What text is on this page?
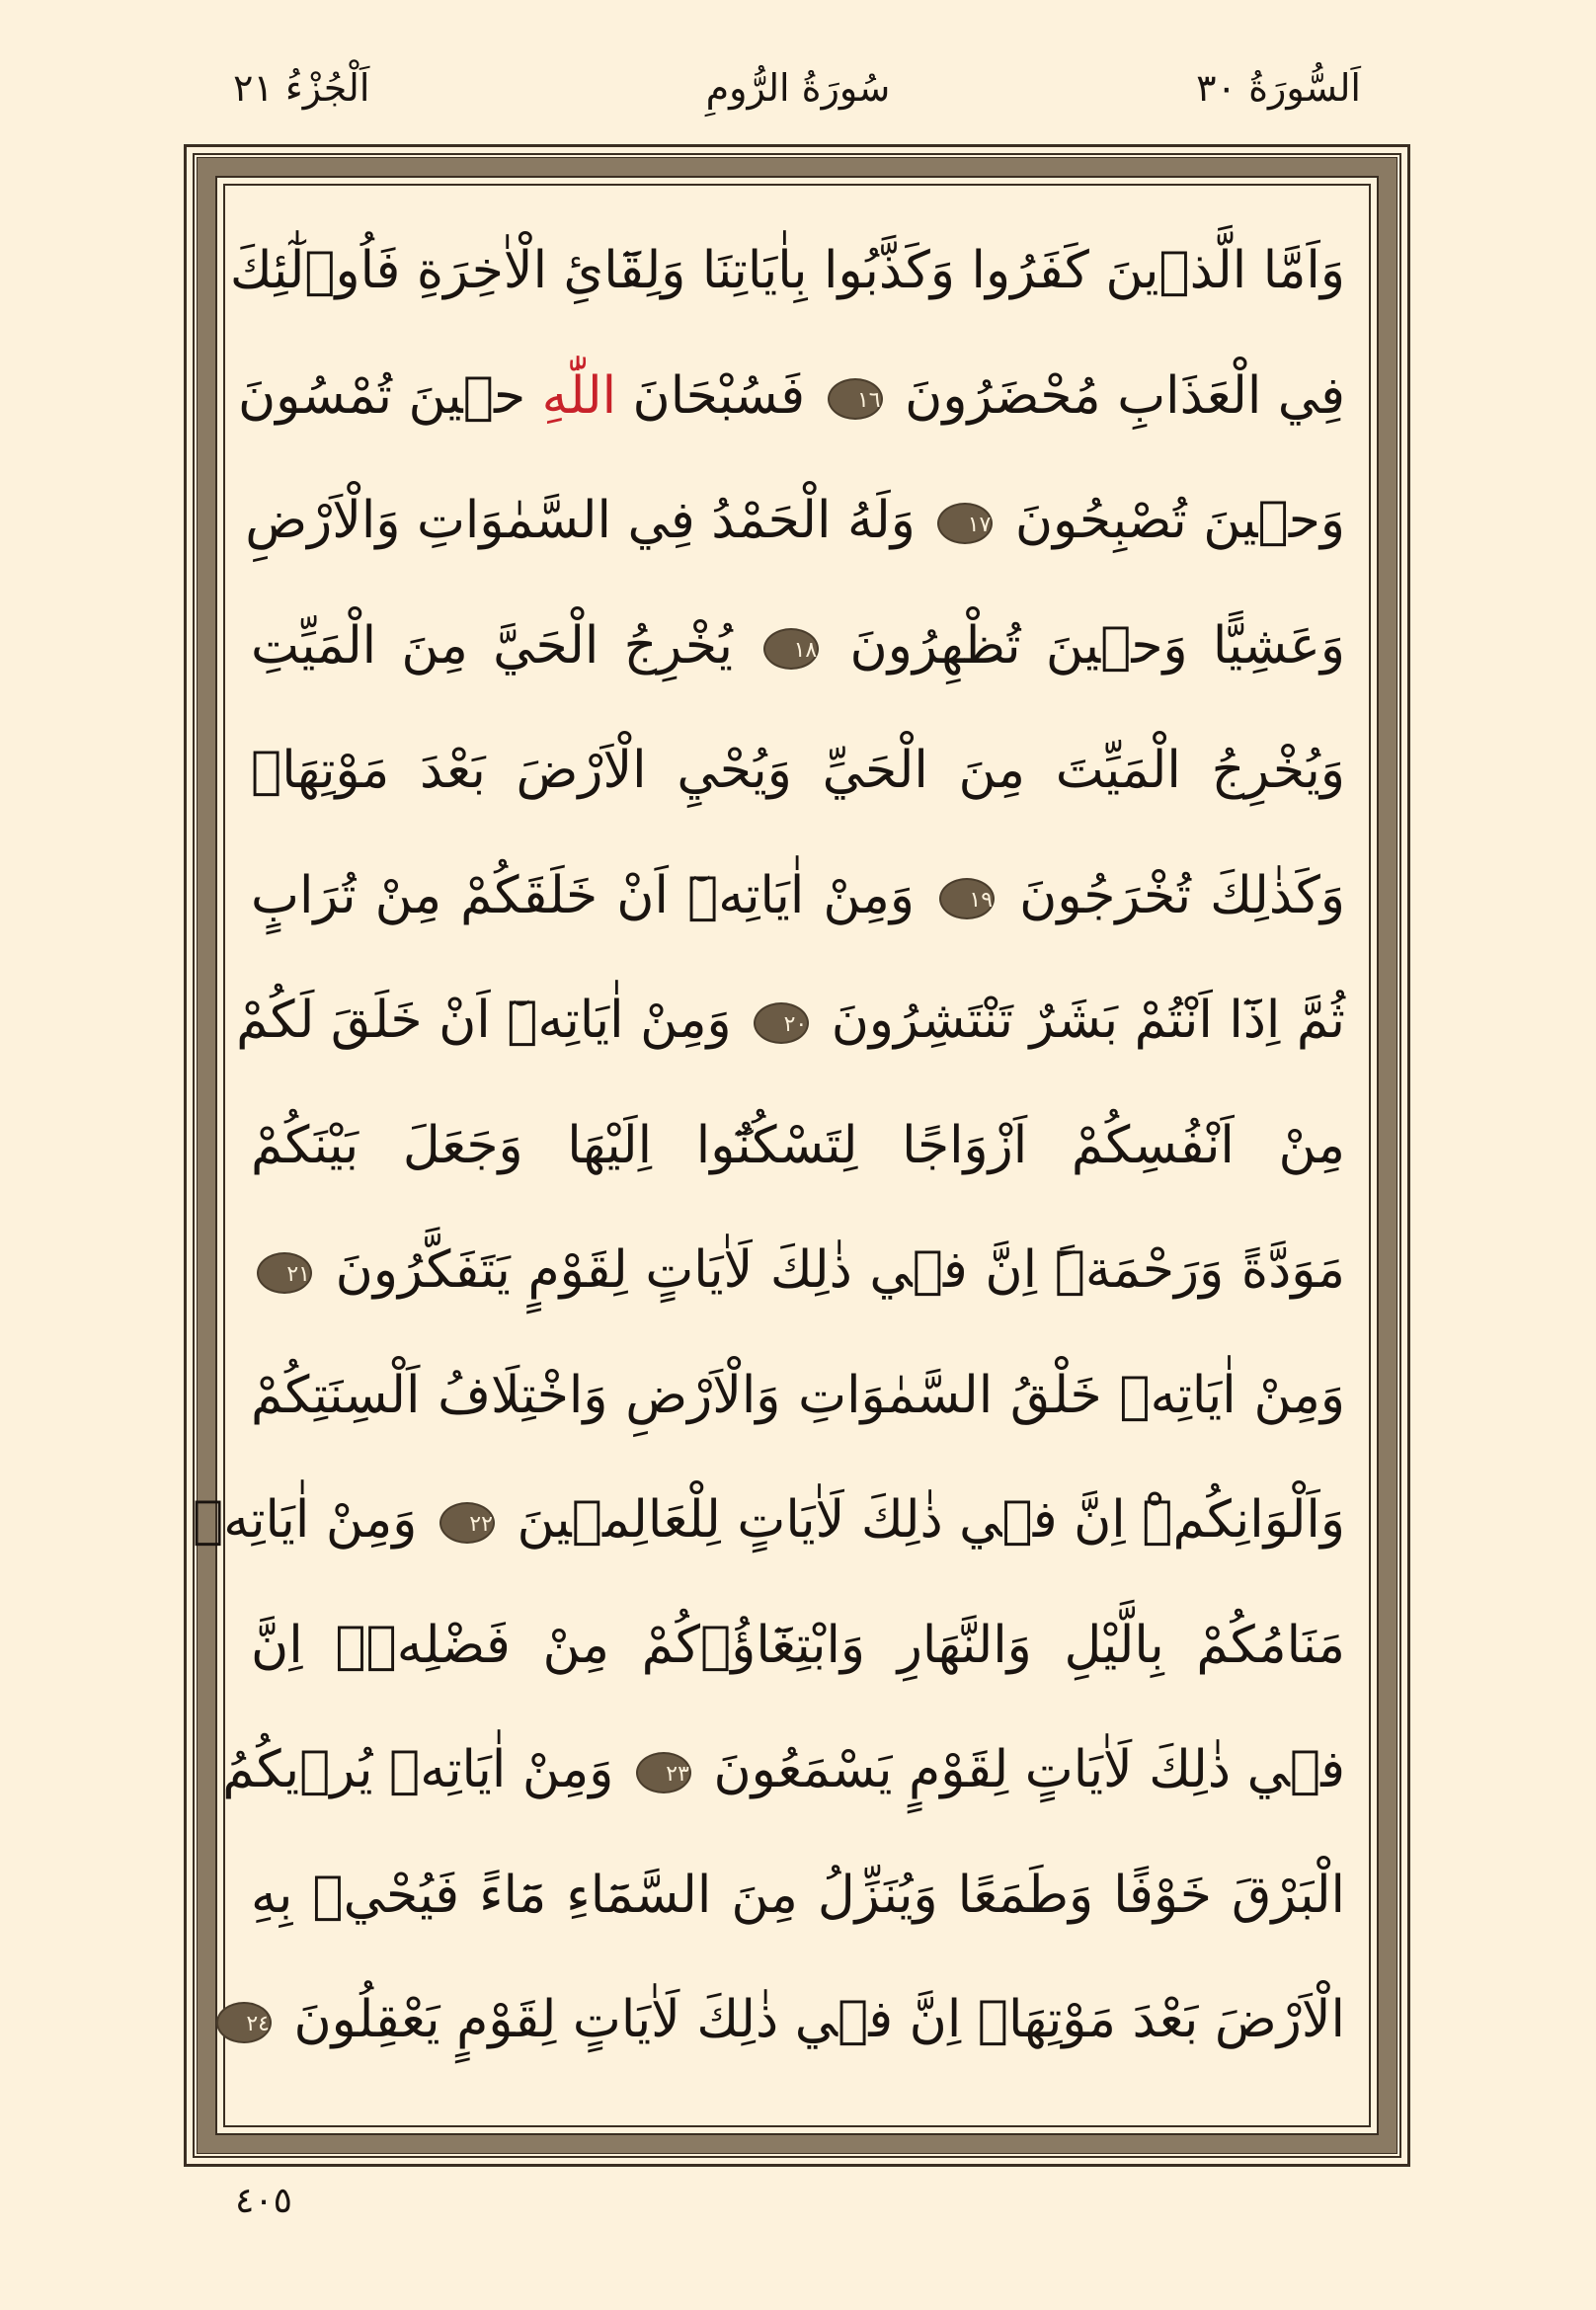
اَلْجُزْءُ ٢١	سُورَةُ الرُّومِ	اَلسُّورَةُ ٣٠
وَاَمَّا الَّذ۪ينَ كَفَرُوا وَكَذَّبُوا بِاٰيَاتِنَا وَلِقَٓائِ الْاٰخِرَةِ فَاُو۬لٰٓئِكَ
فِي الْعَذَابِ مُحْضَرُونَ ١٦ فَسُبْحَانَ اللّٰهِ ح۪ينَ تُمْسُونَ
وَح۪ينَ تُصْبِحُونَ ١٧ وَلَهُ الْحَمْدُ فِي السَّمٰوَاتِ وَالْاَرْضِ
وَعَشِيًّا وَح۪ينَ تُظْهِرُونَ ١٨ يُخْرِجُ الْحَيَّ مِنَ الْمَيِّتِ
وَيُخْرِجُ الْمَيِّتَ مِنَ الْحَيِّ وَيُحْيِ الْاَرْضَ بَعْدَ مَوْتِهَاۜ
وَكَذٰلِكَ تُخْرَجُونَ ١٩ وَمِنْ اٰيَاتِه۪ٓ اَنْ خَلَقَكُمْ مِنْ تُرَابٍ
ثُمَّ اِذَٓا اَنْتُمْ بَشَرٌ تَنْتَشِرُونَ ٢٠ وَمِنْ اٰيَاتِه۪ٓ اَنْ خَلَقَ لَكُمْ
مِنْ اَنْفُسِكُمْ اَزْوَاجًا لِتَسْكُنُٓوا اِلَيْهَا وَجَعَلَ بَيْنَكُمْ
مَوَدَّةً وَرَحْمَةًۜ اِنَّ ف۪ي ذٰلِكَ لَاٰيَاتٍ لِقَوْمٍ يَتَفَكَّرُونَ ٢١
وَمِنْ اٰيَاتِه۪ خَلْقُ السَّمٰوَاتِ وَالْاَرْضِ وَاخْتِلَافُ اَلْسِنَتِكُمْ
وَاَلْوَانِكُمْۜ اِنَّ ف۪ي ذٰلِكَ لَاٰيَاتٍ لِلْعَالِم۪ينَ ٢٢ وَمِنْ اٰيَاتِه۪
مَنَامُكُمْ بِالَّيْلِ وَالنَّهَارِ وَابْتِغَٓاؤُ۬كُمْ مِنْ فَضْلِه۪ۜ اِنَّ
ف۪ي ذٰلِكَ لَاٰيَاتٍ لِقَوْمٍ يَسْمَعُونَ ٢٣ وَمِنْ اٰيَاتِه۪ يُر۪يكُمُ
الْبَرْقَ خَوْفًا وَطَمَعًا وَيُنَزِّلُ مِنَ السَّمَٓاءِ مَٓاءً فَيُحْي۪ بِهِ
الْاَرْضَ بَعْدَ مَوْتِهَاۜ اِنَّ ف۪ي ذٰلِكَ لَاٰيَاتٍ لِقَوْمٍ يَعْقِلُونَ ٢٤
٤٠٥
